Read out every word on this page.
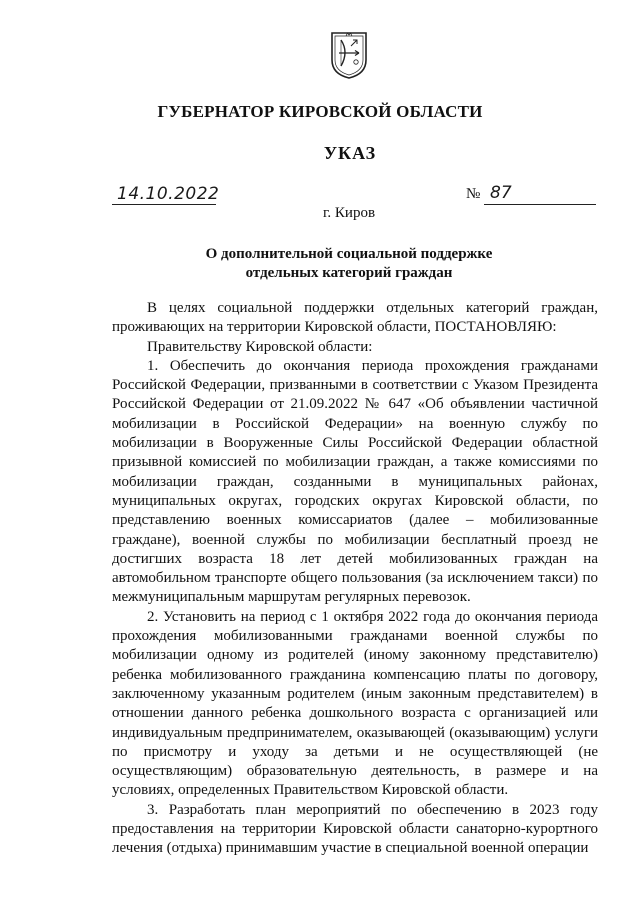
ГУБЕРНАТОР КИРОВСКОЙ ОБЛАСТИ
УКАЗ
14.10.2022	№ 87
г. Киров
О дополнительной социальной поддержке
отдельных категорий граждан

В целях социальной поддержки отдельных категорий граждан, проживающих на территории Кировской области, ПОСТАНОВЛЯЮ:

Правительству Кировской области:

1. Обеспечить до окончания периода прохождения гражданами Российской Федерации, призванными в соответствии с Указом Президента Российской Федерации от 21.09.2022 № 647 «Об объявлении частичной мобилизации в Российской Федерации» на военную службу по мобилизации в Вооруженные Силы Российской Федерации областной призывной комиссией по мобилизации граждан, а также комиссиями по мобилизации граждан, созданными в муниципальных районах, муниципальных округах, городских округах Кировской области, по представлению военных комиссариатов (далее – мобилизованные граждане), военной службы по мобилизации бесплатный проезд не достигших возраста 18 лет детей мобилизованных граждан на автомобильном транспорте общего пользования (за исключением такси) по межмуниципальным маршрутам регулярных перевозок.

2. Установить на период с 1 октября 2022 года до окончания периода прохождения мобилизованными гражданами военной службы по мобилизации одному из родителей (иному законному представителю) ребенка мобилизованного гражданина компенсацию платы по договору, заключенному указанным родителем (иным законным представителем) в отношении данного ребенка дошкольного возраста с организацией или индивидуальным предпринимателем, оказывающей (оказывающим) услуги по присмотру и уходу за детьми и не осуществляющей (не осуществляющим) образовательную деятельность, в размере и на условиях, определенных Правительством Кировской области.

3. Разработать план мероприятий по обеспечению в 2023 году предоставления на территории Кировской области санаторно-курортного лечения (отдыха) принимавшим участие в специальной военной операции
